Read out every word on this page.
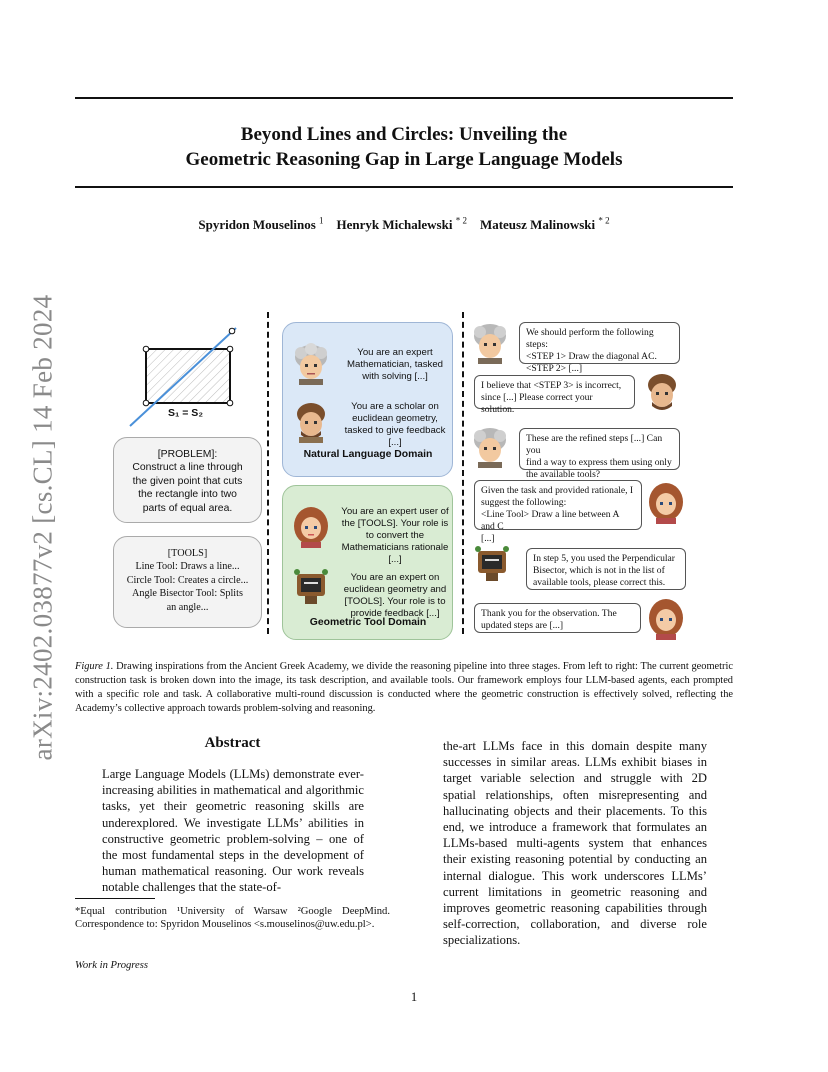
arXiv:2402.03877v2 [cs.CL] 14 Feb 2024
Beyond Lines and Circles: Unveiling the
Geometric Reasoning Gap in Large Language Models
Spyridon Mouselinos $^1$ Henryk Michalewski $^{* 2}$ Mateusz Malinowski $^{* 2}$
S₁ = S₂
[PROBLEM]:
Construct a line through the given point that cuts the rectangle into two parts of equal area.
[TOOLS]
Line Tool: Draws a line...
Circle Tool: Creates a circle...
Angle Bisector Tool: Splits
an angle...
You are an expert Mathematician, tasked with solving [...]
You are a scholar on euclidean geometry, tasked to give feedback [...]
Natural Language Domain
You are an expert user of the [TOOLS]. Your role is to convert the Mathematicians rationale [...]
You are an expert on euclidean geometry and [TOOLS]. Your role is to provide feedback [...]
Geometric Tool Domain
We should perform the following steps:
<STEP 1> Draw the diagonal AC.
<STEP 2> [...]
I believe that <STEP 3> is incorrect,
since [...] Please correct your solution.
These are the refined steps [...] Can you
find a way to express them using only
the available tools?
Given the task and provided rationale, I
suggest the following:
<Line Tool> Draw a line between A and C
[...]
In step 5, you used the Perpendicular
Bisector, which is not in the list of
available tools, please correct this.
Thank you for the observation. The
updated steps are [...]
Figure 1. Drawing inspirations from the Ancient Greek Academy, we divide the reasoning pipeline into three stages. From left to right: The current geometric construction task is broken down into the image, its task description, and available tools. Our framework employs four LLM-based agents, each prompted with a specific role and task. A collaborative multi-round discussion is conducted where the geometric construction is effectively solved, reflecting the Academy’s collective approach towards problem-solving and reasoning.
Abstract
Large Language Models (LLMs) demonstrate ever-increasing abilities in mathematical and algorithmic tasks, yet their geometric reasoning skills are underexplored. We investigate LLMs’ abilities in constructive geometric problem-solving – one of the most fundamental steps in the development of human mathematical reasoning. Our work reveals notable challenges that the state-of-
the-art LLMs face in this domain despite many successes in similar areas. LLMs exhibit biases in target variable selection and struggle with 2D spatial relationships, often misrepresenting and hallucinating objects and their placements. To this end, we introduce a framework that formulates an LLMs-based multi-agents system that enhances their existing reasoning potential by conducting an internal dialogue. This work underscores LLMs’ current limitations in geometric reasoning and improves geometric reasoning capabilities through self-correction, collaboration, and diverse role specializations.
*Equal contribution ¹University of Warsaw ²Google DeepMind. Correspondence to: Spyridon Mouselinos <s.mouselinos@uw.edu.pl>.
Work in Progress
1
